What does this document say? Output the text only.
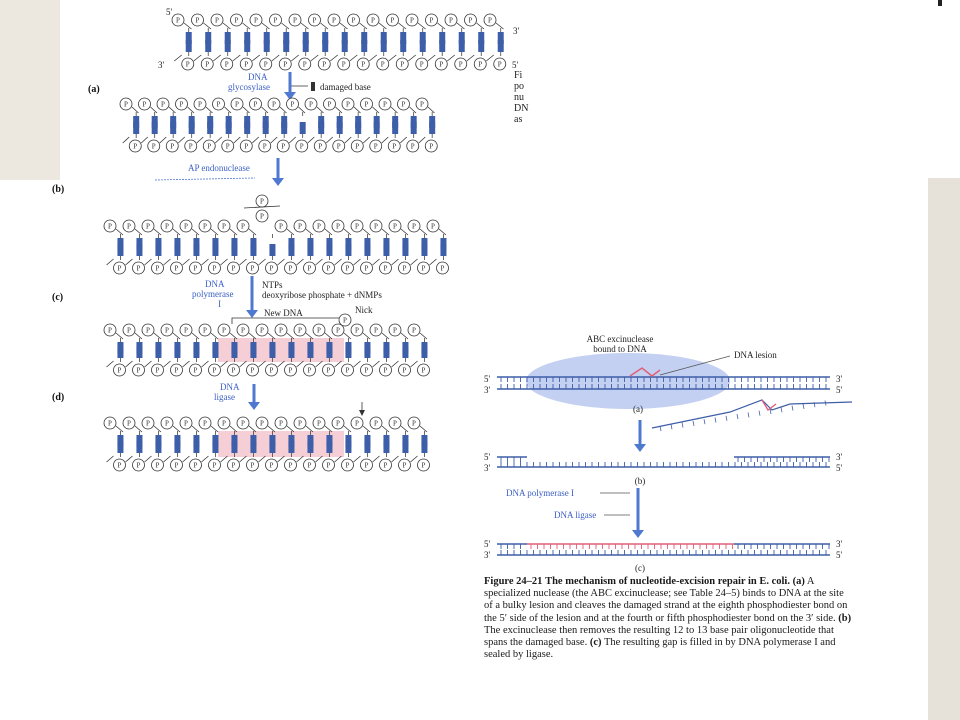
5'
3'
3'	5'
P
P
P
P
P
P
P
P
P
P
P
P
P
P
P
P
P
P
P
P
P
P
P
P
P
P
P
P
P
P
P
P
P
P
(a)
DNA
glycosylase	damaged base
P
P
P
P
P
P
P
P
P
P
P
P
P
P
P
P
P
P
P
P
P
P
P
P
P
P
P
P
P
P
P
P
P
P
(b)
AP endonuclease
P
P
P
P
P
P
P
P
P
P
P
P
P
P
P
P
P
P P
P
P
P
P
P
P
P
P
P
P
P
P
P
P
P
P
P
P
(c)
DNA
polymerase
I
NTPs
deoxyribose phosphate + dNMPs
New DNA	Nick
P
P
P
P
P
P
P
P
P
P
P
P
P
P
P
P
P
P
P
P
P
P
P
P
P
P
P
P
P
P
P
P
P
P
P
(d)
DNA
ligase
P
P
P
P
P
P
P
P
P
P
P
P
P
P
P
P
P
P
P
P
P
P
P
P
P
P
P
P
P
P
P
P
P
P
ABC excinuclease
bound to DNA
DNA lesion
5'
3'
3'
5'
(a)
5'
3'
3'
5'
(b)
DNA polymerase I
DNA ligase
5'
3'
3'
5'
(c)
Fi
po
nu
DN
as
Figure 24–21 The mechanism of nucleotide-excision repair in E. coli. (a) A specialized nuclease (the ABC excinuclease; see Table 24–5) binds to DNA at the site of a bulky lesion and cleaves the damaged strand at the eighth phosphodiester bond on the 5′ side of the lesion and at the fourth or fifth phosphodiester bond on the 3′ side. (b) The excinuclease then removes the resulting 12 to 13 base pair oligonucleotide that spans the damaged base. (c) The resulting gap is filled in by DNA polymerase I and sealed by ligase.
